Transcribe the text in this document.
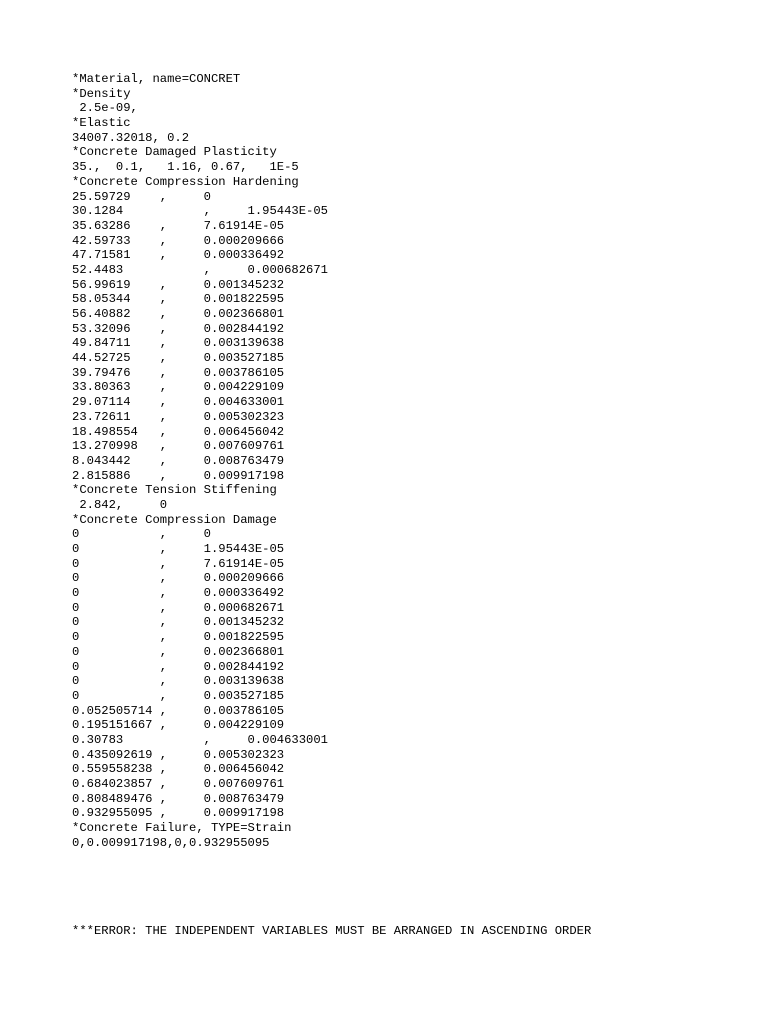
*Material, name=CONCRET
*Density
2.5e-09,
*Elastic
34007.32018, 0.2
*Concrete Damaged Plasticity
35.,  0.1,   1.16, 0.67,   1E-5
*Concrete Compression Hardening
25.59729    ,     0
30.1284           ,     1.95443E-05
35.63286    ,     7.61914E-05
42.59733    ,     0.000209666
47.71581    ,     0.000336492
52.4483           ,     0.000682671
56.99619    ,     0.001345232
58.05344    ,     0.001822595
56.40882    ,     0.002366801
53.32096    ,     0.002844192
49.84711    ,     0.003139638
44.52725    ,     0.003527185
39.79476    ,     0.003786105
33.80363    ,     0.004229109
29.07114    ,     0.004633001
23.72611    ,     0.005302323
18.498554   ,     0.006456042
13.270998   ,     0.007609761
8.043442    ,     0.008763479
2.815886    ,     0.009917198
*Concrete Tension Stiffening
2.842,     0
*Concrete Compression Damage
0           ,     0
0           ,     1.95443E-05
0           ,     7.61914E-05
0           ,     0.000209666
0           ,     0.000336492
0           ,     0.000682671
0           ,     0.001345232
0           ,     0.001822595
0           ,     0.002366801
0           ,     0.002844192
0           ,     0.003139638
0           ,     0.003527185
0.052505714 ,     0.003786105
0.195151667 ,     0.004229109
0.30783           ,     0.004633001
0.435092619 ,     0.005302323
0.559558238 ,     0.006456042
0.684023857 ,     0.007609761
0.808489476 ,     0.008763479
0.932955095 ,     0.009917198
*Concrete Failure, TYPE=Strain
0,0.009917198,0,0.932955095
***ERROR: THE INDEPENDENT VARIABLES MUST BE ARRANGED IN ASCENDING ORDER
